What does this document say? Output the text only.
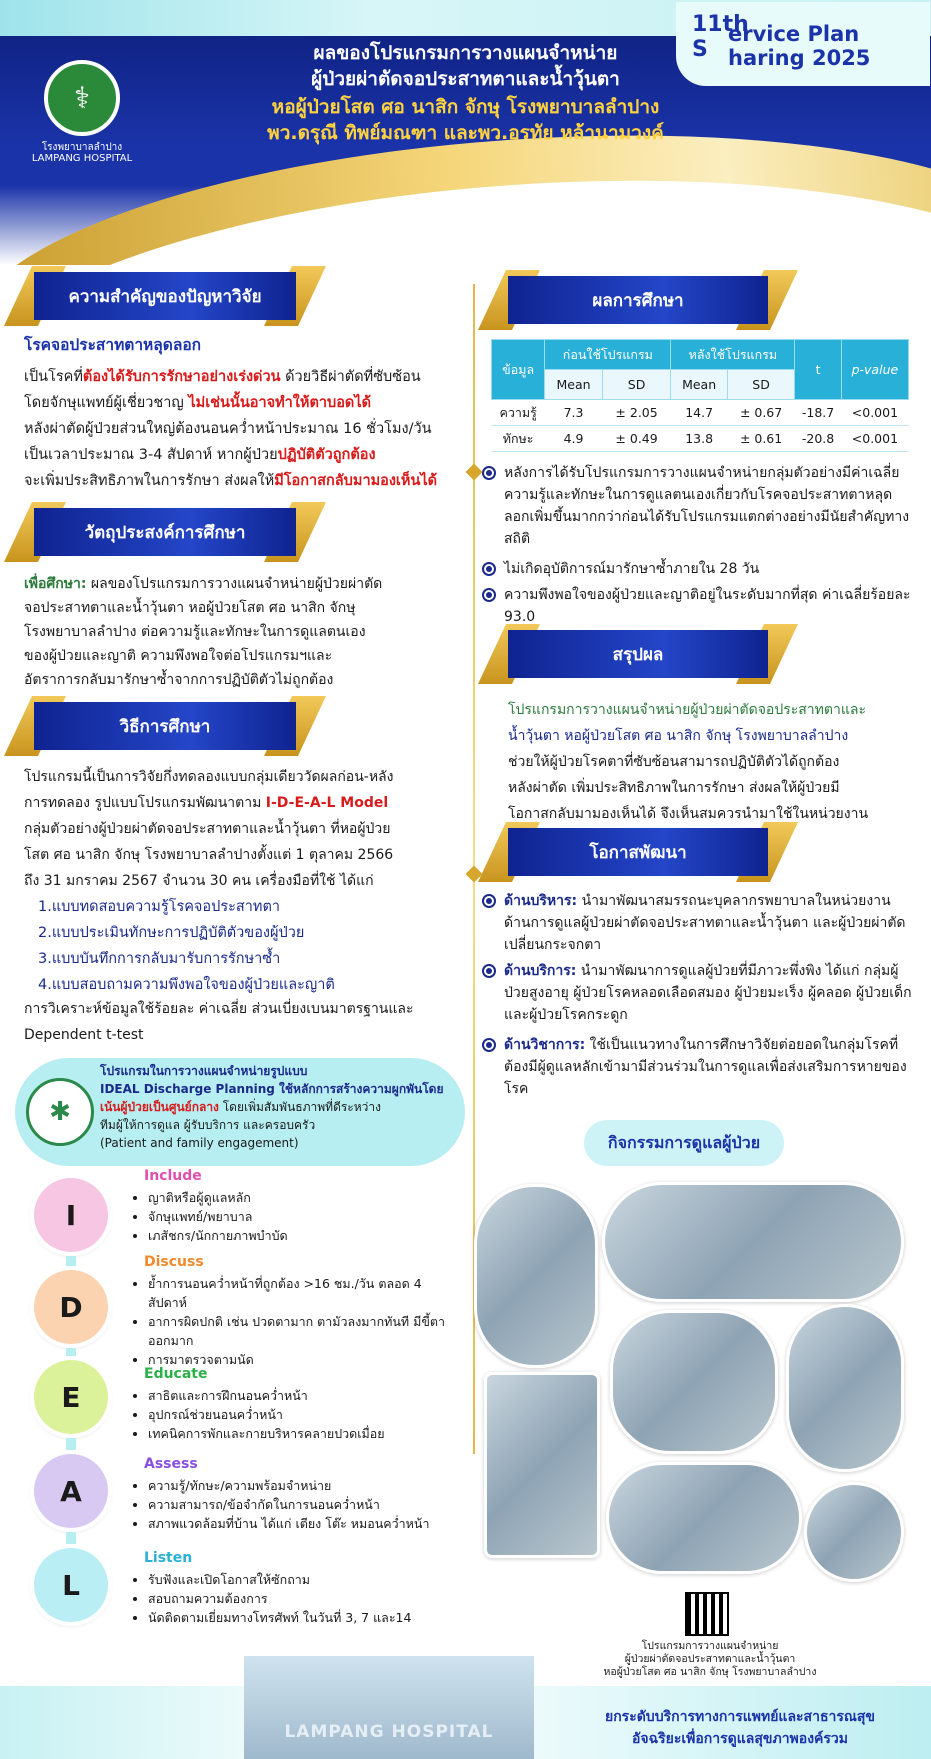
⚕
โรงพยาบาลลำปาง LAMPANG HOSPITAL
ผลของโปรแกรมการวางแผนจำหน่าย
ผู้ป่วยผ่าตัดจอประสาทตาและน้ำวุ้นตา
หอผู้ป่วยโสต ศอ นาสิก จักษุ โรงพยาบาลลำปาง
พว.ดรุณี ทิพย์มณฑา และพว.อรทัย หล้านามวงค์
11th S
ervice Plan
haring 2025
ความสำคัญของปัญหาวิจัย
โรคจอประสาทตาหลุดลอก
เป็นโรคที่ต้องได้รับการรักษาอย่างเร่งด่วน ด้วยวิธีผ่าตัดที่ซับซ้อน
โดยจักษุแพทย์ผู้เชี่ยวชาญ ไม่เช่นนั้นอาจทำให้ตาบอดได้
หลังผ่าตัดผู้ป่วยส่วนใหญ่ต้องนอนคว่ำหน้าประมาณ 16 ชั่วโมง/วัน
เป็นเวลาประมาณ 3-4 สัปดาห์ หากผู้ป่วยปฏิบัติตัวถูกต้อง
จะเพิ่มประสิทธิภาพในการรักษา ส่งผลให้มีโอกาสกลับมามองเห็นได้
วัตถุประสงค์การศึกษา
เพื่อศึกษา: ผลของโปรแกรมการวางแผนจำหน่ายผู้ป่วยผ่าตัด
จอประสาทตาและน้ำวุ้นตา หอผู้ป่วยโสต ศอ นาสิก จักษุ
โรงพยาบาลลำปาง ต่อความรู้และทักษะในการดูแลตนเอง
ของผู้ป่วยและญาติ ความพึงพอใจต่อโปรแกรมฯและ
อัตราการกลับมารักษาซ้ำจากการปฏิบัติตัวไม่ถูกต้อง
วิธีการศึกษา
โปรแกรมนี้เป็นการวิจัยกึ่งทดลองแบบกลุ่มเดียววัดผลก่อน-หลัง
การทดลอง รูปแบบโปรแกรมพัฒนาตาม I-D-E-A-L Model
กลุ่มตัวอย่างผู้ป่วยผ่าตัดจอประสาทตาและน้ำวุ้นตา ที่หอผู้ป่วย
โสต ศอ นาสิก จักษุ โรงพยาบาลลำปางตั้งแต่ 1 ตุลาคม 2566
ถึง 31 มกราคม 2567 จำนวน 30 คน เครื่องมือที่ใช้ ได้แก่
1.แบบทดสอบความรู้โรคจอประสาทตา
2.แบบประเมินทักษะการปฏิบัติตัวของผู้ป่วย
3.แบบบันทึกการกลับมารับการรักษาซ้ำ
4.แบบสอบถามความพึงพอใจของผู้ป่วยและญาติ
การวิเคราะห์ข้อมูลใช้ร้อยละ ค่าเฉลี่ย ส่วนเบี่ยงเบนมาตรฐานและ
Dependent t-test
✱
โปรแกรมในการวางแผนจำหน่ายรูปแบบ
IDEAL Discharge Planning ใช้หลักการสร้างความผูกพันโดย
เน้นผู้ป่วยเป็นศูนย์กลาง โดยเพิ่มสัมพันธภาพที่ดีระหว่าง
ทีมผู้ให้การดูแล ผู้รับบริการ และครอบครัว
(Patient and family engagement)
I
D
E
A
L
Include
• ญาติหรือผู้ดูแลหลัก
• จักษุแพทย์/พยาบาล
• เภสัชกร/นักกายภาพบำบัด
Discuss
• ย้ำการนอนคว่ำหน้าที่ถูกต้อง >16 ชม./วัน ตลอด 4 สัปดาห์
• อาการผิดปกติ เช่น ปวดตามาก ตามัวลงมากทันที มีขี้ตาออกมาก
• การมาตรวจตามนัด
Educate
• สาธิตและการฝึกนอนคว่ำหน้า
• อุปกรณ์ช่วยนอนคว่ำหน้า
• เทคนิคการพักและกายบริหารคลายปวดเมื่อย
Assess
• ความรู้/ทักษะ/ความพร้อมจำหน่าย
• ความสามารถ/ข้อจำกัดในการนอนคว่ำหน้า
• สภาพแวดล้อมที่บ้าน ได้แก่ เตียง โต๊ะ หมอนคว่ำหน้า
Listen
• รับฟังและเปิดโอกาสให้ซักถาม
• สอบถามความต้องการ
• นัดติดตามเยี่ยมทางโทรศัพท์ ในวันที่ 3, 7 และ14
ผลการศึกษา
ข้อมูล	ก่อนใช้โปรแกรม		หลังใช้โปรแกรม		t	p-value
	Mean	SD	Mean	SD		
ความรู้	7.3	± 2.05	14.7	± 0.67	-18.7	<0.001
ทักษะ	4.9	± 0.49	13.8	± 0.61	-20.8	<0.001
หลังการได้รับโปรแกรมการวางแผนจำหน่ายกลุ่มตัวอย่างมีค่าเฉลี่ยความรู้และทักษะในการดูแลตนเองเกี่ยวกับโรคจอประสาทตาหลุดลอกเพิ่มขึ้นมากกว่าก่อนได้รับโปรแกรมแตกต่างอย่างมีนัยสำคัญทางสถิติ
ไม่เกิดอุบัติการณ์มารักษาซ้ำภายใน 28 วัน
ความพึงพอใจของผู้ป่วยและญาติอยู่ในระดับมากที่สุด ค่าเฉลี่ยร้อยละ 93.0
สรุปผล
โปรแกรมการวางแผนจำหน่ายผู้ป่วยผ่าตัดจอประสาทตาและ
น้ำวุ้นตา หอผู้ป่วยโสต ศอ นาสิก จักษุ โรงพยาบาลลำปาง
ช่วยให้ผู้ป่วยโรคตาที่ซับซ้อนสามารถปฏิบัติตัวได้ถูกต้อง
หลังผ่าตัด เพิ่มประสิทธิภาพในการรักษา ส่งผลให้ผู้ป่วยมี
โอกาสกลับมามองเห็นได้ จึงเห็นสมควรนำมาใช้ในหน่วยงาน
โอกาสพัฒนา
ด้านบริหาร: นำมาพัฒนาสมรรถนะบุคลากรพยาบาลในหน่วยงานด้านการดูแลผู้ป่วยผ่าตัดจอประสาทตาและน้ำวุ้นตา และผู้ป่วยผ่าตัดเปลี่ยนกระจกตา
ด้านบริการ: นำมาพัฒนาการดูแลผู้ป่วยที่มีภาวะพึ่งพิง ได้แก่ กลุ่มผู้ป่วยสูงอายุ ผู้ป่วยโรคหลอดเลือดสมอง ผู้ป่วยมะเร็ง ผู้คลอด ผู้ป่วยเด็ก และผู้ป่วยโรคกระดูก
ด้านวิชาการ: ใช้เป็นแนวทางในการศึกษาวิจัยต่อยอดในกลุ่มโรคที่ต้องมีผู้ดูแลหลักเข้ามามีส่วนร่วมในการดูแลเพื่อส่งเสริมการหายของโรค
กิจกรรมการดูแลผู้ป่วย
โปรแกรมการวางแผนจำหน่าย
ผู้ป่วยผ่าตัดจอประสาทตาและน้ำวุ้นตา
หอผู้ป่วยโสต ศอ นาสิก จักษุ โรงพยาบาลลำปาง
LAMPANG HOSPITAL
ยกระดับบริการทางการแพทย์และสาธารณสุข
อัจฉริยะเพื่อการดูแลสุขภาพองค์รวม
